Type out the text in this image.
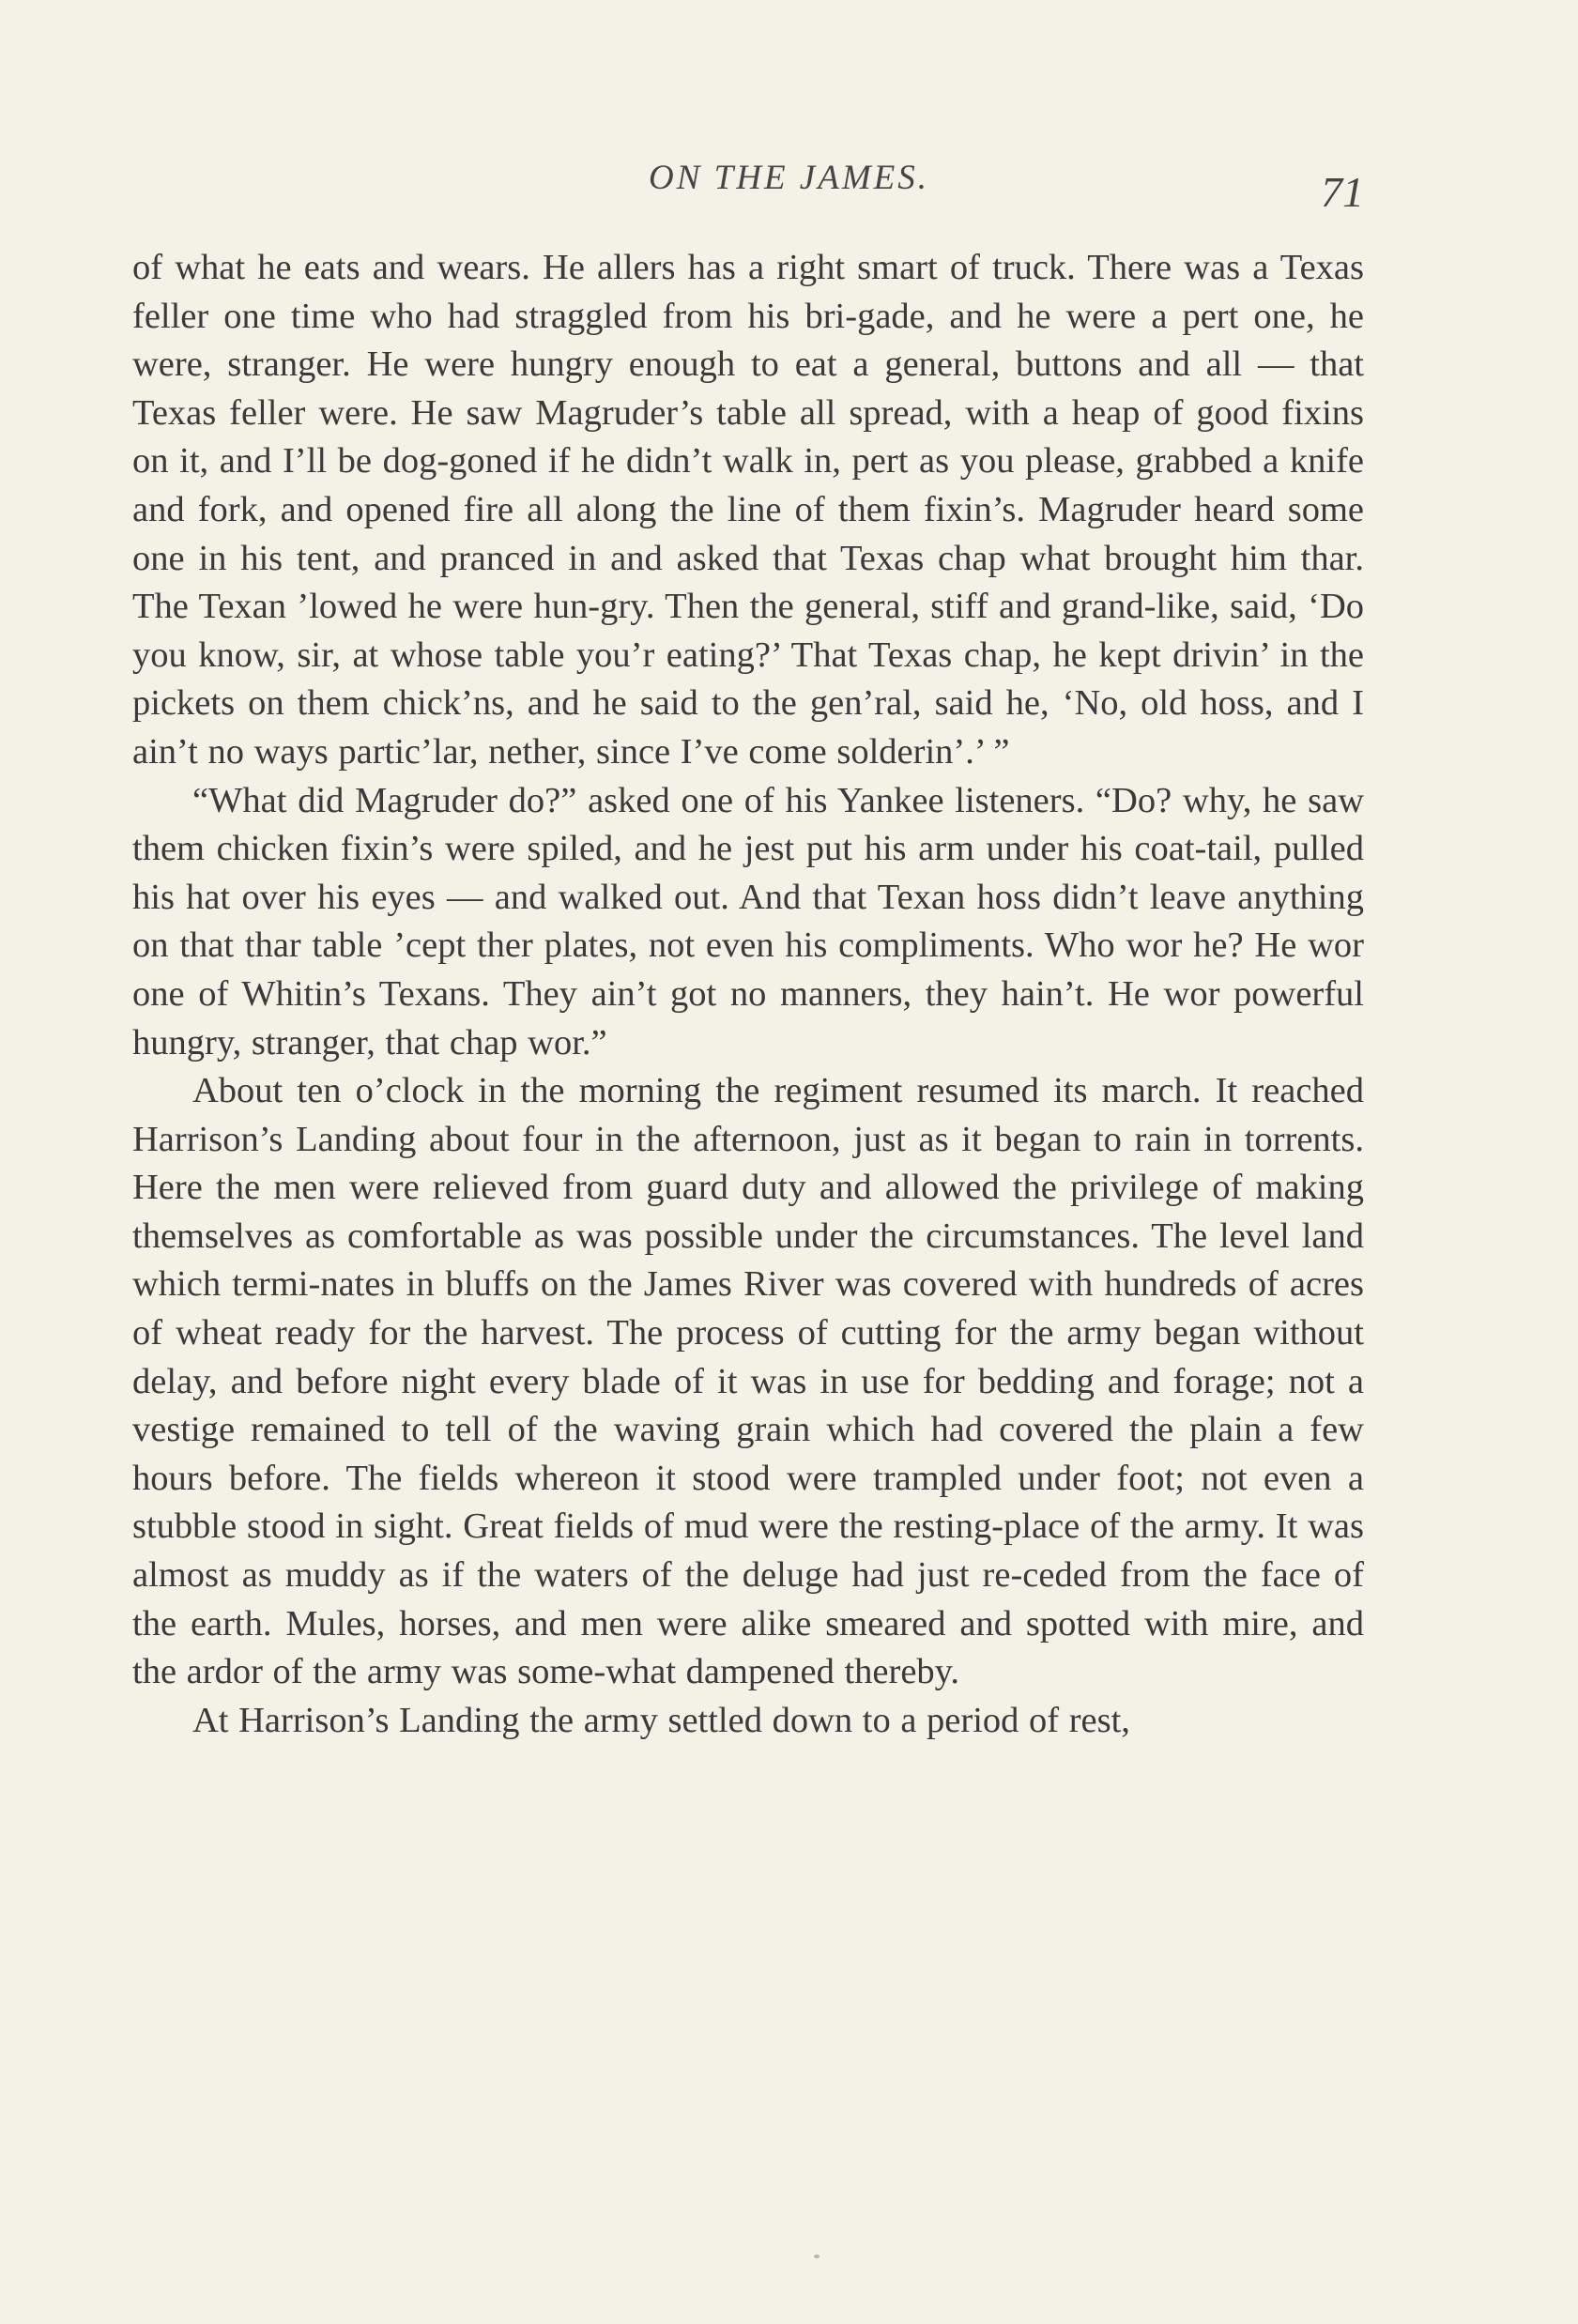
ON THE JAMES.	71

of what he eats and wears. He allers has a right smart of truck. There was a Texas feller one time who had straggled from his bri-gade, and he were a pert one, he were, stranger. He were hungry enough to eat a general, buttons and all — that Texas feller were. He saw Magruder’s table all spread, with a heap of good fixins on it, and I’ll be dog-goned if he didn’t walk in, pert as you please, grabbed a knife and fork, and opened fire all along the line of them fixin’s. Magruder heard some one in his tent, and pranced in and asked that Texas chap what brought him thar. The Texan ’lowed he were hun-gry. Then the general, stiff and grand-like, said, ‘Do you know, sir, at whose table you’r eating?’ That Texas chap, he kept drivin’ in the pickets on them chick’ns, and he said to the gen’ral, said he, ‘No, old hoss, and I ain’t no ways partic’lar, nether, since I’ve come solderin’.’ ”

“What did Magruder do?” asked one of his Yankee listeners. “Do? why, he saw them chicken fixin’s were spiled, and he jest put his arm under his coat-tail, pulled his hat over his eyes — and walked out. And that Texan hoss didn’t leave anything on that thar table ’cept ther plates, not even his compliments. Who wor he? He wor one of Whitin’s Texans. They ain’t got no manners, they hain’t. He wor powerful hungry, stranger, that chap wor.”

About ten o’clock in the morning the regiment resumed its march. It reached Harrison’s Landing about four in the afternoon, just as it began to rain in torrents. Here the men were relieved from guard duty and allowed the privilege of making themselves as comfortable as was possible under the circumstances. The level land which termi-nates in bluffs on the James River was covered with hundreds of acres of wheat ready for the harvest. The process of cutting for the army began without delay, and before night every blade of it was in use for bedding and forage; not a vestige remained to tell of the waving grain which had covered the plain a few hours before. The fields whereon it stood were trampled under foot; not even a stubble stood in sight. Great fields of mud were the resting-place of the army. It was almost as muddy as if the waters of the deluge had just re-ceded from the face of the earth. Mules, horses, and men were alike smeared and spotted with mire, and the ardor of the army was some-what dampened thereby.

At Harrison’s Landing the army settled down to a period of rest,
